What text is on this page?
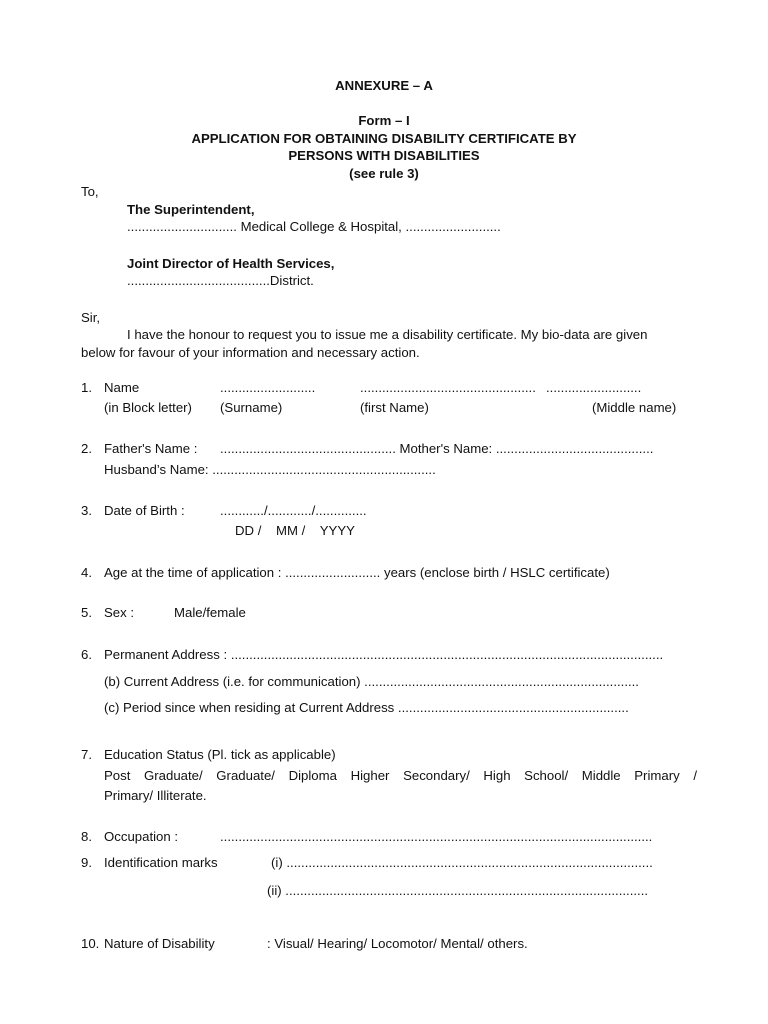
ANNEXURE – A
Form – I
APPLICATION FOR OBTAINING DISABILITY CERTIFICATE BY
PERSONS WITH DISABILITIES
(see rule 3)
To,
The Superintendent,
.............................. Medical College & Hospital, ..........................
Joint Director of Health Services,
.......................................District.
Sir,
I have the honour to request you to issue me a disability certificate. My bio-data are given
below for favour of your information and necessary action.
1. Name	..........................	................................................ ..........................
(in Block letter) (Surname)	(first Name)	(Middle name)
2. Father's Name : ................................................ Mother's Name: ...........................................
Husband’s Name: .............................................................
3. Date of Birth :	............/............/..............
DD /    MM /    YYYY
4. Age at the time of application : .......................... years (enclose birth / HSLC certificate)
5. Sex :	Male/female
6. Permanent Address : ......................................................................................................................
(b) Current Address (i.e. for communication) ...........................................................................
(c) Period since when residing at Current Address ...............................................................
7. Education Status (Pl. tick as applicable)
Post Graduate/ Graduate/ Diploma Higher Secondary/ High School/ Middle Primary /
Primary/ Illiterate.
8. Occupation :	......................................................................................................................
9. Identification marks	(i) ....................................................................................................
(ii) ...................................................................................................
10. Nature of Disability	: Visual/ Hearing/ Locomotor/ Mental/ others.
